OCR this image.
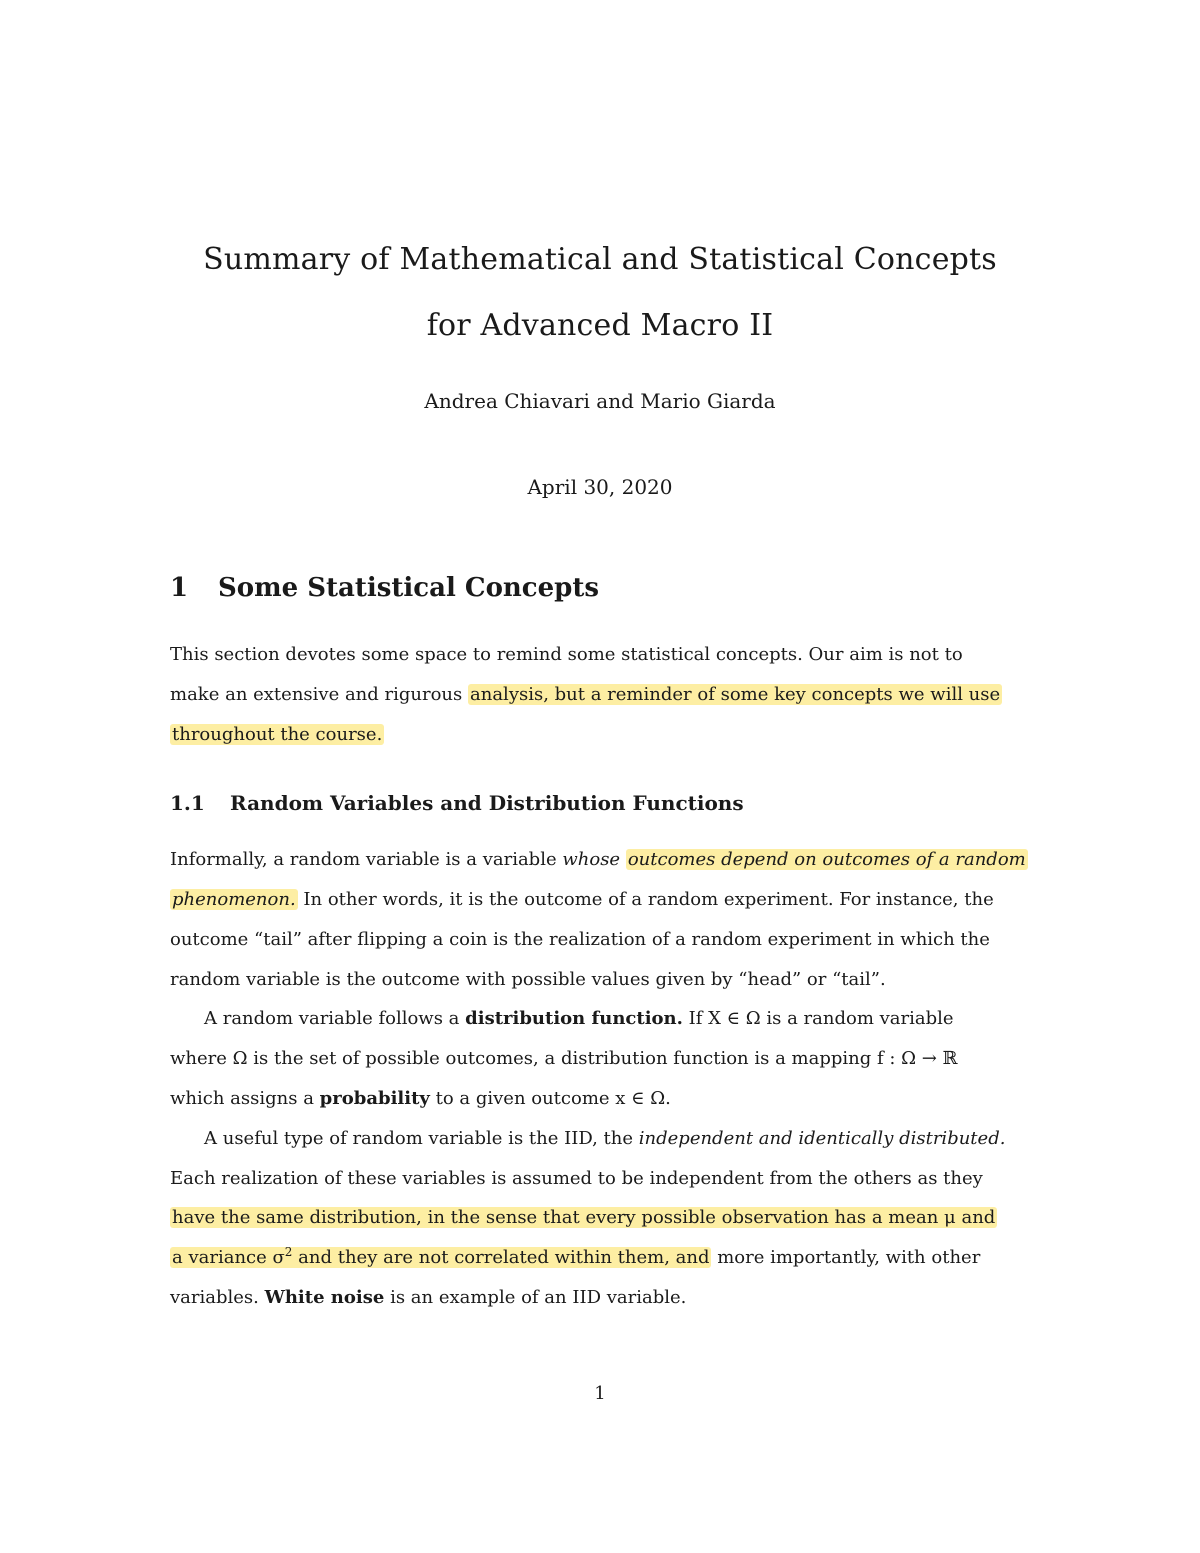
Summary of Mathematical and Statistical Concepts
for Advanced Macro II
Andrea Chiavari and Mario Giarda
April 30, 2020
1 Some Statistical Concepts
This section devotes some space to remind some statistical concepts. Our aim is not to
make an extensive and rigurous analysis, but a reminder of some key concepts we will use
throughout the course.
1.1 Random Variables and Distribution Functions
Informally, a random variable is a variable whose outcomes depend on outcomes of a random
phenomenon. In other words, it is the outcome of a random experiment. For instance, the
outcome “tail” after flipping a coin is the realization of a random experiment in which the
random variable is the outcome with possible values given by “head” or “tail”.
A random variable follows a distribution function. If X ∈ Ω is a random variable
where Ω is the set of possible outcomes, a distribution function is a mapping f : Ω → ℝ
which assigns a probability to a given outcome x ∈ Ω.
A useful type of random variable is the IID, the independent and identically distributed.
Each realization of these variables is assumed to be independent from the others as they
have the same distribution, in the sense that every possible observation has a mean μ and
a variance $\sigma^2$ and they are not correlated within them, and more importantly, with other
variables. White noise is an example of an IID variable.
1
